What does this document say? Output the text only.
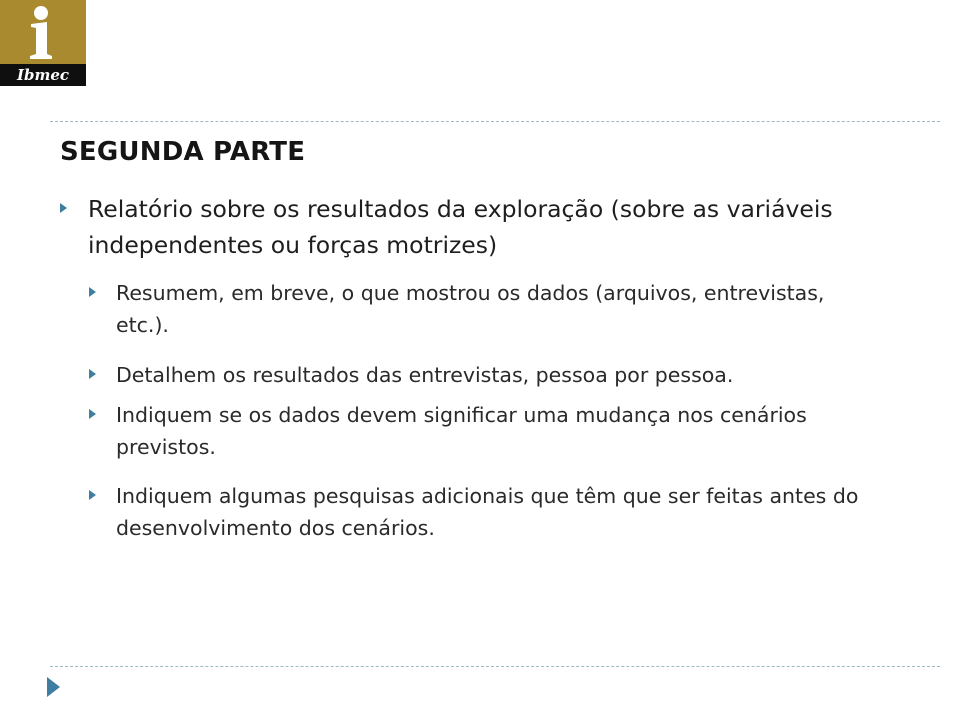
Ibmec
SEGUNDA PARTE
Relatório sobre os resultados da exploração (sobre as variáveis independentes ou forças motrizes)
Resumem, em breve, o que mostrou os dados (arquivos, entrevistas, etc.).
Detalhem os resultados das entrevistas, pessoa por pessoa.
Indiquem se os dados devem significar uma mudança nos cenários previstos.
Indiquem algumas pesquisas adicionais que têm que ser feitas antes do desenvolvimento dos cenários.
